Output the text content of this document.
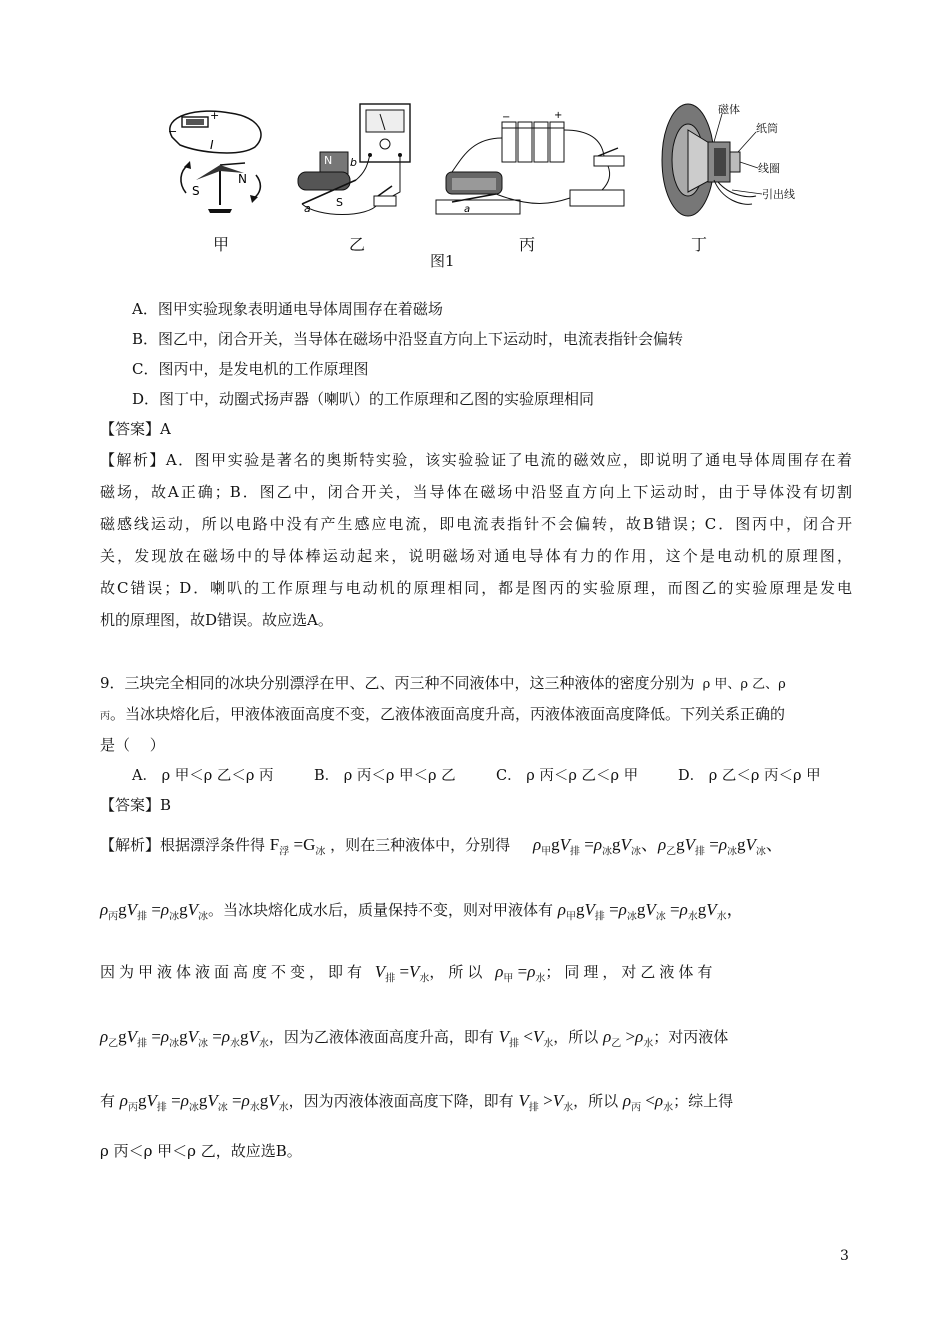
−
+
I
S
N
N
S
a
b
−	+
a
磁体
纸筒
线圈
引出线
甲	乙	丙	丁
图1
A．图甲实验现象表明通电导体周围存在着磁场
B．图乙中，闭合开关，当导体在磁场中沿竖直方向上下运动时，电流表指针会偏转
C．图丙中，是发电机的工作原理图
D．图丁中，动圈式扬声器（喇叭）的工作原理和乙图的实验原理相同
【答案】A
【解析】A．图甲实验是著名的奥斯特实验，该实验验证了电流的磁效应，即说明了通电导体周围存在着
磁场，故A正确；B．图乙中，闭合开关，当导体在磁场中沿竖直方向上下运动时，由于导体没有切割
磁感线运动，所以电路中没有产生感应电流，即电流表指针不会偏转，故B错误；C．图丙中，闭合开
关，发现放在磁场中的导体棒运动起来，说明磁场对通电导体有力的作用，这个是电动机的原理图，
故C错误；D．喇叭的工作原理与电动机的原理相同，都是图丙的实验原理，而图乙的实验原理是发电
机的原理图，故D错误。故应选A。
9．三块完全相同的冰块分别漂浮在甲、乙、丙三种不同液体中，这三种液体的密度分别为 ρ 甲、ρ 乙、ρ
丙。当冰块熔化后，甲液体液面高度不变，乙液体液面高度升高，丙液体液面高度降低。下列关系正确的
是（　 ）
A． ρ 甲＜ρ 乙＜ρ 丙	B． ρ 丙＜ρ 甲＜ρ 乙	C． ρ 丙＜ρ 乙＜ρ 甲	D． ρ 乙＜ρ 丙＜ρ 甲
【答案】B
【解析】根据漂浮条件得 $F_浮 =G_冰$ ，则在三种液体中，分别得 $\rho_甲gV_排 =\rho_冰gV_冰$、$\rho_乙gV_排 =\rho_冰gV_冰$、
$\rho_丙gV_排 =\rho_冰gV_冰$。当冰块熔化成水后，质量保持不变，则对甲液体有 $\rho_甲gV_排 =\rho_冰gV_冰 =\rho_水gV_水$，
因为甲液体液面高度不变，即有 $V_排 =V_水$，所以 $\rho_甲 =\rho_水$；同理，对乙液体有
$\rho_乙gV_排 =\rho_冰gV_冰 =\rho_水gV_水$，因为乙液体液面高度升高，即有 $V_排 <V_水$，所以 $\rho_乙 >\rho_水$；对丙液体
有 $\rho_丙gV_排 =\rho_冰gV_冰 =\rho_水gV_水$，因为丙液体液面高度下降，即有 $V_排 >V_水$，所以 $\rho_丙 <\rho_水$；综上得
ρ 丙＜ρ 甲＜ρ 乙，故应选B。
3
